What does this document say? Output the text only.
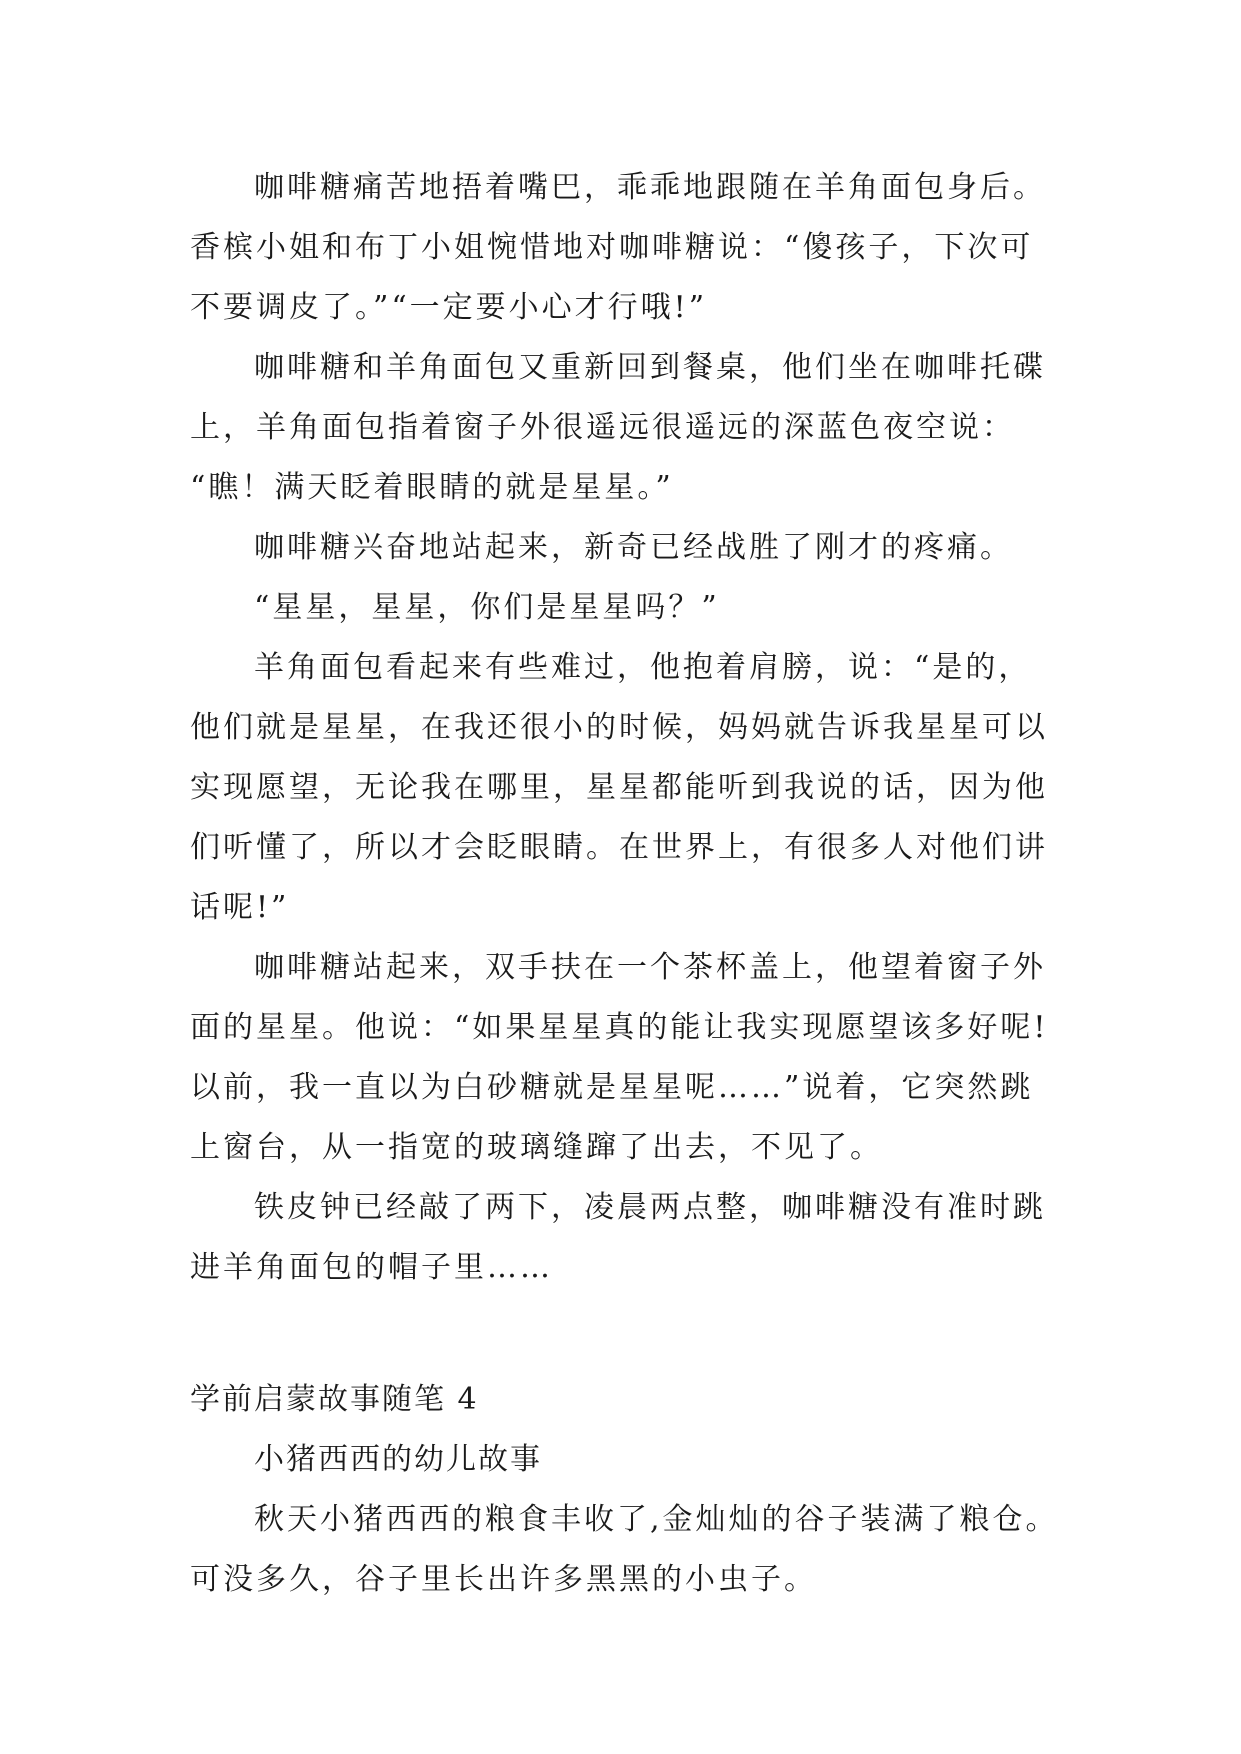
咖啡糖痛苦地捂着嘴巴，乖乖地跟随在羊角面包身后。
香槟小姐和布丁小姐惋惜地对咖啡糖说：“傻孩子，下次可
不要调皮了。”“一定要小心才行哦!”
咖啡糖和羊角面包又重新回到餐桌，他们坐在咖啡托碟
上，羊角面包指着窗子外很遥远很遥远的深蓝色夜空说：
“瞧！满天眨着眼睛的就是星星。”
咖啡糖兴奋地站起来，新奇已经战胜了刚才的疼痛。
“星星，星星，你们是星星吗？”
羊角面包看起来有些难过，他抱着肩膀，说：“是的，
他们就是星星，在我还很小的时候，妈妈就告诉我星星可以
实现愿望，无论我在哪里，星星都能听到我说的话，因为他
们听懂了，所以才会眨眼睛。在世界上，有很多人对他们讲
话呢!”
咖啡糖站起来，双手扶在一个茶杯盖上，他望着窗子外
面的星星。他说：“如果星星真的能让我实现愿望该多好呢!
以前，我一直以为白砂糖就是星星呢……”说着，它突然跳
上窗台，从一指宽的玻璃缝蹿了出去，不见了。
铁皮钟已经敲了两下，凌晨两点整，咖啡糖没有准时跳
进羊角面包的帽子里……
学前启蒙故事随笔 4
小猪西西的幼儿故事
秋天小猪西西的粮食丰收了,金灿灿的谷子装满了粮仓。
可没多久，谷子里长出许多黑黑的小虫子。
